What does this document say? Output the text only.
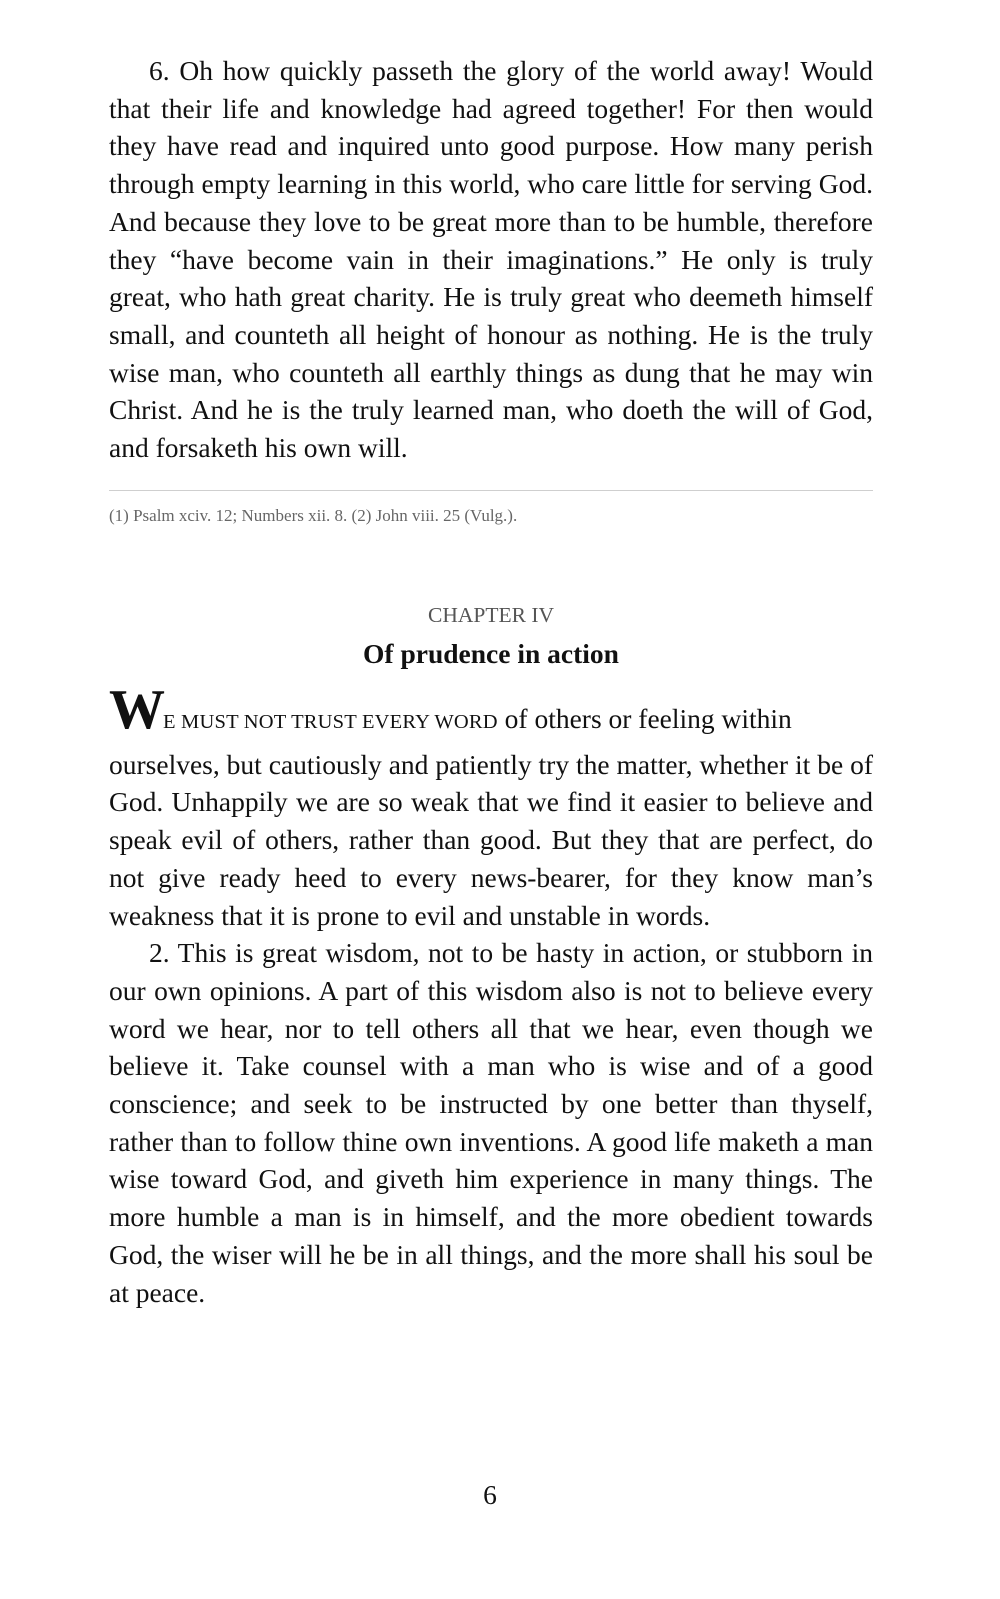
6. Oh how quickly passeth the glory of the world away! Would that their life and knowledge had agreed together! For then would they have read and inquired unto good purpose. How many perish through empty learning in this world, who care little for serving God. And because they love to be great more than to be humble, therefore they “have become vain in their imaginations.” He only is truly great, who hath great charity. He is truly great who deemeth himself small, and counteth all height of honour as nothing. He is the truly wise man, who counteth all earthly things as dung that he may win Christ. And he is the truly learned man, who doeth the will of God, and forsaketh his own will.

(1) Psalm xciv. 12; Numbers xii. 8. (2) John viii. 25 (Vulg.).

CHAPTER IV
Of prudence in action

WE MUST NOT TRUST EVERY WORD of others or feeling within
ourselves, but cautiously and patiently try the matter, whether it be of God. Unhappily we are so weak that we find it easier to believe and speak evil of others, rather than good. But they that are perfect, do not give ready heed to every news-bearer, for they know man’s weakness that it is prone to evil and unstable in words.

2. This is great wisdom, not to be hasty in action, or stubborn in our own opinions. A part of this wisdom also is not to believe every word we hear, nor to tell others all that we hear, even though we believe it. Take counsel with a man who is wise and of a good conscience; and seek to be instructed by one better than thyself, rather than to follow thine own inventions. A good life maketh a man wise toward God, and giveth him experience in many things. The more humble a man is in himself, and the more obedient towards God, the wiser will he be in all things, and the more shall his soul be at peace.

6
